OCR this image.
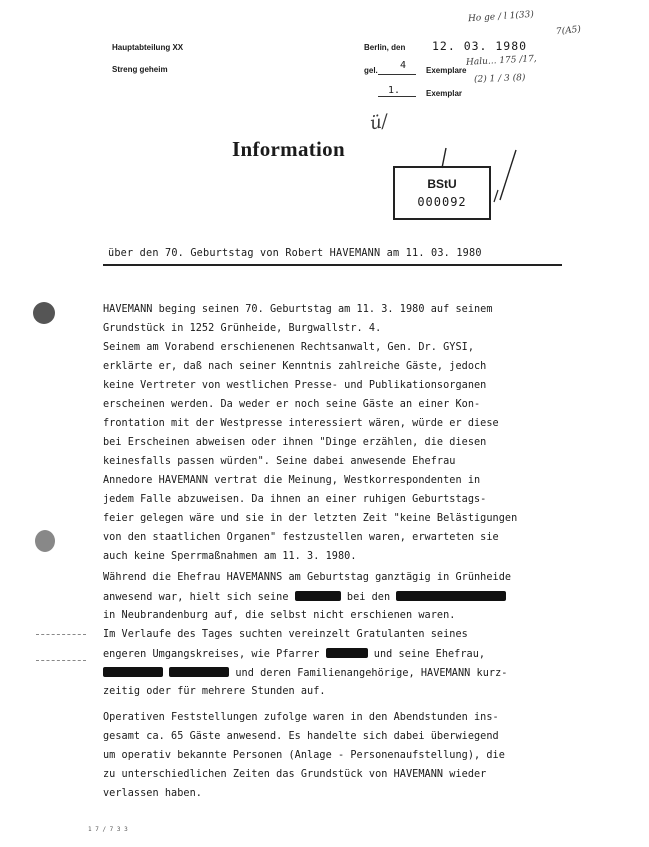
Hauptabteilung XX
Streng geheim
Berlin, den 12. 03. 1980
gel. 4 Exemplare
1.	Exemplar
Ho ge / l 1(33)
7(A5)
Halu... 175 /17,
(2) 1 / 3 (8)
ü/
Information
BStU
000092
über den 70. Geburtstag von Robert HAVEMANN am 11. 03. 1980
HAVEMANN beging seinen 70. Geburtstag am 11. 3. 1980 auf seinem
Grundstück in 1252 Grünheide, Burgwallstr. 4.
Seinem am Vorabend erschienenen Rechtsanwalt, Gen. Dr. GYSI,
erklärte er, daß nach seiner Kenntnis zahlreiche Gäste, jedoch
keine Vertreter von westlichen Presse- und Publikationsorganen
erscheinen werden. Da weder er noch seine Gäste an einer Kon-
frontation mit der Westpresse interessiert wären, würde er diese
bei Erscheinen abweisen oder ihnen "Dinge erzählen, die diesen
keinesfalls passen würden". Seine dabei anwesende Ehefrau
Annedore HAVEMANN vertrat die Meinung, Westkorrespondenten in
jedem Falle abzuweisen. Da ihnen an einer ruhigen Geburtstags-
feier gelegen wäre und sie in der letzten Zeit "keine Belästigungen
von den staatlichen Organen" festzustellen waren, erwarteten sie
auch keine Sperrmaßnahmen am 11. 3. 1980.
Während die Ehefrau HAVEMANNS am Geburtstag ganztägig in Grünheide
anwesend war, hielt sich seine	bei den
in Neubrandenburg auf, die selbst nicht erschienen waren.
Im Verlaufe des Tages suchten vereinzelt Gratulanten seines
engeren Umgangskreises, wie Pfarrer	und seine Ehefrau,
und deren Familienangehörige, HAVEMANN kurz-
zeitig oder für mehrere Stunden auf.
Operativen Feststellungen zufolge waren in den Abendstunden ins-
gesamt ca. 65 Gäste anwesend. Es handelte sich dabei überwiegend
um operativ bekannte Personen (Anlage - Personenaufstellung), die
zu unterschiedlichen Zeiten das Grundstück von HAVEMANN wieder
verlassen haben.
1 7 / 7 3 3
